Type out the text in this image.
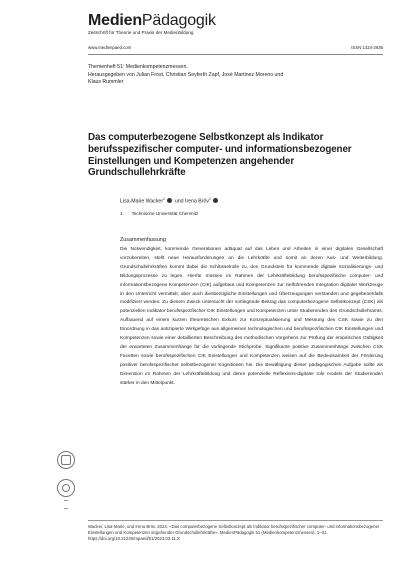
MedienPädagogik
Zeitschrift für Theorie und Praxis der Medienbildung
www.medienpaed.com	ISSN 1424-3636
Themenheft 51: Medienkompetenzmessen.
Herausgegeben von Julian Frost, Christian Seyferth Zapf, José Martinez Moreno und Klaus Rummler
Das computerbezogene Selbstkonzept als Indikator berufsspezifischer computer- und informationsbezogener Einstellungen und Kompetenzen angehender Grundschullehrkräfte
Lisa-Marie Wacker$^1$ und Irena Bröv$^1$
1 Technische Universität Chemnitz
Zusammenfassung
Die Notwendigkeit, kommende Generationen adäquat auf das Leben und Arbeiten in einer digitalen Gesellschaft vorzubereiten, stellt neue Herausforderungen an die Lehrkräfte und somit an deren Aus- und Weiterbildung. Grundschullehrkräften kommt dabei die Schlüsselrolle zu, den Grundstein für kommende digitale Sozialisierungs- und Bildungsprozesse zu legen. Hierfür müssen im Rahmen der Lehrkräftebildung berufsspezifische computer- und informationsbezogene Kompetenzen (CIK) aufgebaut und Kompetenzen zur zielführenden Integration digitaler Werkzeuge in den Unterricht vermittelt, aber auch diesbezügliche Einstellungen und Überzeugungen verstanden und gegebenenfalls modifiziert werden. Zu diesem Zweck untersucht der vorliegende Beitrag das computerbezogene Selbstkonzept (CSK) als potenziellen Indikator berufsspezifischer CIK Einstellungen und Kompetenzen unter Studierenden des Grundschullehramts. Aufbauend auf einem kurzen theoretischen Exkurs zur Konzeptualisierung und Messung des CSK sowie zu den Einordnung in das antizipierte Wirkgefüge aus allgemeinen technologischen und berufsspezifischen CIK Einstellungen und Kompetenzen sowie einer detaillierten Beschreibung des methodischen Vorgehens zur Prüfung der empirischen Gültigkeit der erwarteten Zusammenhänge für die vorliegende Stichprobe. Signifikante positive Zusammenhänge zwischen CSK Facetten sowie berufsspezifischen CIK Einstellungen und Kompetenzen weisen auf die Bedeutsamkeit der Förderung positiver berufsspezifischer selbstbezogener Kognitionen hin. Die Bewältigung dieser pädagogischen Aufgabe sollte als Dimension im Rahmen der Lehrkräftebildung und deren potenzielle Reflexions-digitaler role models der Studierenden stärker in den Mittelpunkt.
Wacker, Lisa-Marie, und Irena Bröv. 2023. «Das computerbezogene Selbstkonzept als Indikator berufsspezifischer computer- und informationsbezogener Einstellungen und Kompetenzen angehender Grundschullehrkräfte». MedienPädagogik 51 (Medienkompetenzmessen): 1–31. https://doi.org/10.21240/mpaed/51/2023.03.11.X
